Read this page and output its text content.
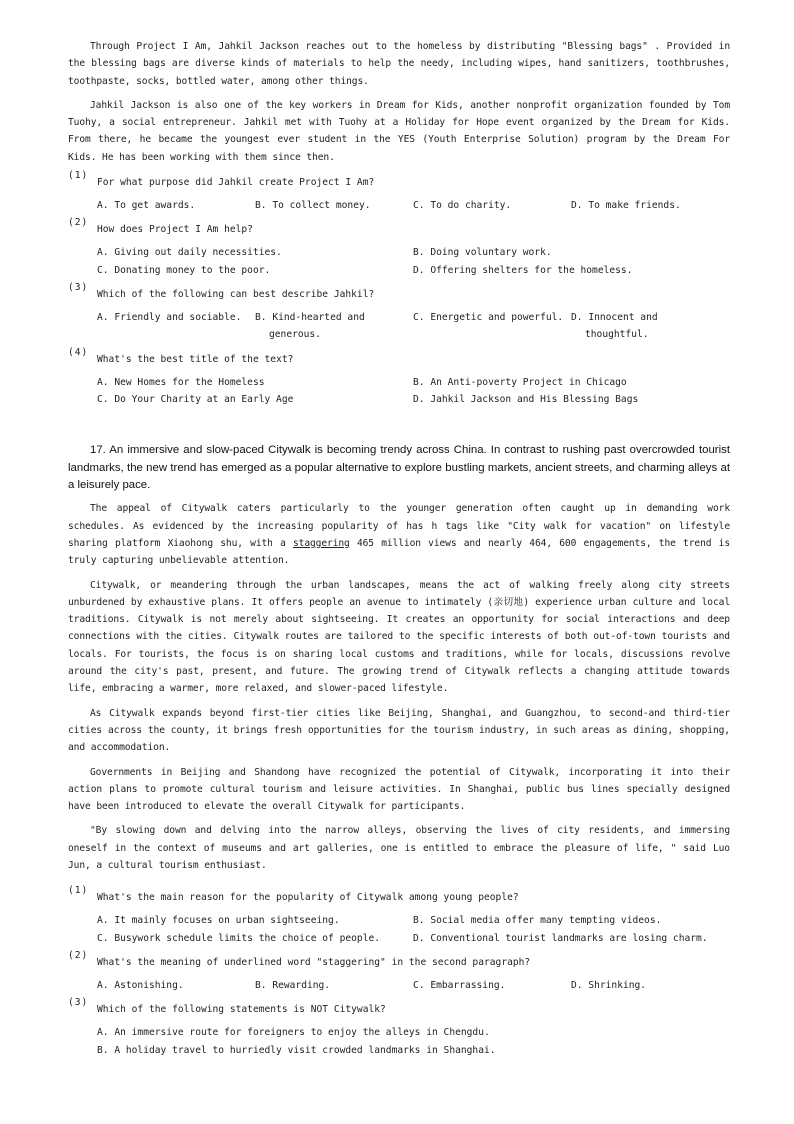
Through Project I Am, Jahkil Jackson reaches out to the homeless by distributing "Blessing bags" . Provided in the blessing bags are diverse kinds of materials to help the needy, including wipes, hand sanitizers, toothbrushes, toothpaste, socks, bottled water, among other things.

Jahkil Jackson is also one of the key workers in Dream for Kids, another nonprofit organization founded by Tom Tuohy, a social entrepreneur. Jahkil met with Tuohy at a Holiday for Hope event organized by the Dream for Kids. From there, he became the youngest ever student in the YES (Youth Enterprise Solution) program by the Dream For Kids. He has been working with them since then.

(1)
For what purpose did Jahkil create Project I Am?
A. To get awards.	B. To collect money.	C. To do charity.	D. To make friends.
(2)
How does Project I Am help?
A. Giving out daily necessities.	B. Doing voluntary work.
C. Donating money to the poor.	D. Offering shelters for the homeless.
(3)
Which of the following can best describe Jahkil?
A. Friendly and sociable.	B. Kind-hearted and generous.
C. Energetic and powerful. D. Innocent and thoughtful.
(4)
What's the best title of the text?
A. New Homes for the Homeless	B. An Anti-poverty Project in Chicago
C. Do Your Charity at an Early Age	D. Jahkil Jackson and His Blessing Bags

17. An immersive and slow-paced Citywalk is becoming trendy across China. In contrast to rushing past overcrowded tourist landmarks, the new trend has emerged as a popular alternative to explore bustling markets, ancient streets, and charming alleys at a leisurely pace.

The appeal of Citywalk caters particularly to the younger generation often caught up in demanding work schedules. As evidenced by the increasing popularity of has h tags like "City walk for vacation" on lifestyle sharing platform Xiaohong shu, with a staggering 465 million views and nearly 464, 600 engagements, the trend is truly capturing unbelievable attention.

Citywalk, or meandering through the urban landscapes, means the act of walking freely along city streets unburdened by exhaustive plans. It offers people an avenue to intimately (亲切地) experience urban culture and local traditions. Citywalk is not merely about sightseeing. It creates an opportunity for social interactions and deep connections with the cities. Citywalk routes are tailored to the specific interests of both out-of-town tourists and locals. For tourists, the focus is on sharing local customs and traditions, while for locals, discussions revolve around the city's past, present, and future. The growing trend of Citywalk reflects a changing attitude towards life, embracing a warmer, more relaxed, and slower-paced lifestyle.

As Citywalk expands beyond first-tier cities like Beijing, Shanghai, and Guangzhou, to second-and third-tier cities across the county, it brings fresh opportunities for the tourism industry, in such areas as dining, shopping, and accommodation.

Governments in Beijing and Shandong have recognized the potential of Citywalk, incorporating it into their action plans to promote cultural tourism and leisure activities. In Shanghai, public bus lines specially designed have been introduced to elevate the overall Citywalk for participants.

"By slowing down and delving into the narrow alleys, observing the lives of city residents, and immersing oneself in the context of museums and art galleries, one is entitled to embrace the pleasure of life, " said Luo Jun, a cultural tourism enthusiast.

(1)
What's the main reason for the popularity of Citywalk among young people?
A. It mainly focuses on urban sightseeing.	B. Social media offer many tempting videos.
C. Busywork schedule limits the choice of people.	D. Conventional tourist landmarks are losing charm.
(2)
What's the meaning of underlined word "staggering" in the second paragraph?
A. Astonishing.	B. Rewarding.	C. Embarrassing.	D. Shrinking.
(3)
Which of the following statements is NOT Citywalk?
A. An immersive route for foreigners to enjoy the alleys in Chengdu.
B. A holiday travel to hurriedly visit crowded landmarks in Shanghai.
